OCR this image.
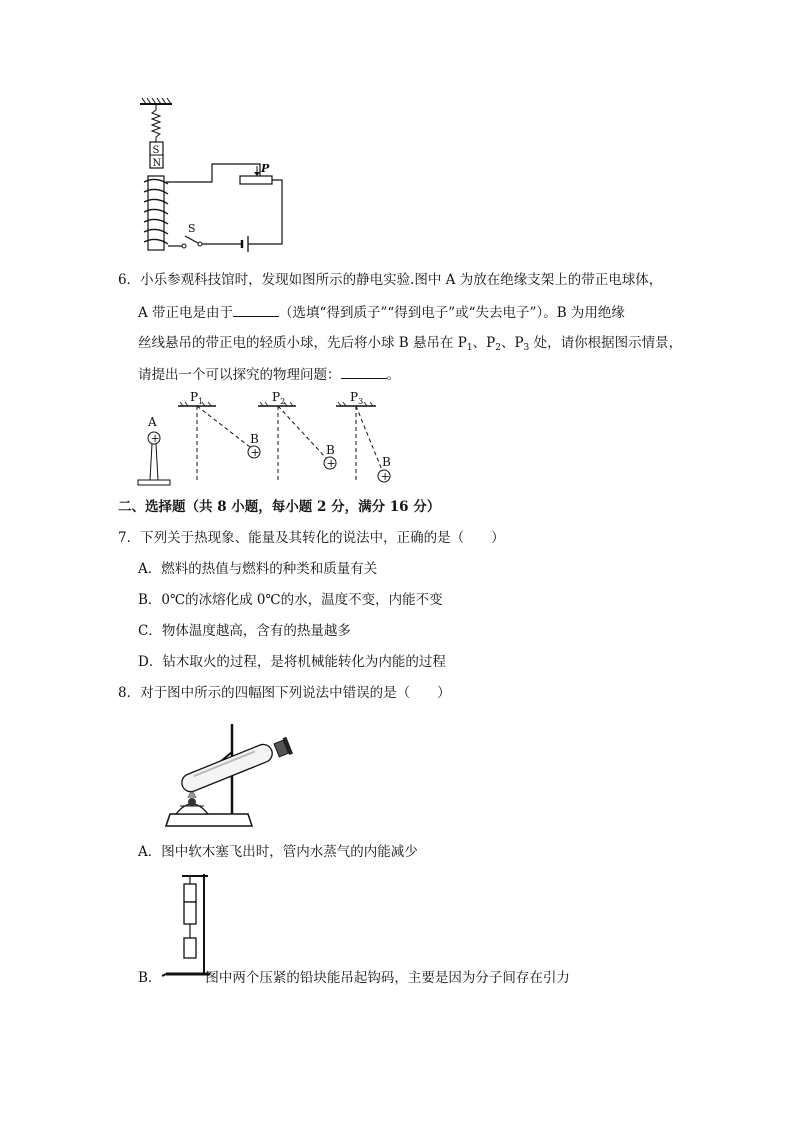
S
N	P
S
6．小乐参观科技馆时，发现如图所示的静电实验.图中 A 为放在绝缘支架上的带正电球体，
A 带正电是由于	（选填“得到质子”“得到电子”或“失去电子”）。B 为用绝缘
丝线悬吊的带正电的轻质小球，先后将小球 B 悬吊在 $P_1$、$P_2$、$P_3$ 处，请你根据图示情景，
请提出一个可以探究的物理问题：	。
A
+
$P_1$
B
+
$P_2$
B
+
$P_3$
B
+
二、选择题（共 8 小题，每小题 2 分，满分 16 分）
7．下列关于热现象、能量及其转化的说法中，正确的是（　　）
A．燃料的热值与燃料的种类和质量有关
B．0℃的冰熔化成 0℃的水，温度不变，内能不变
C．物体温度越高，含有的热量越多
D．钻木取火的过程，是将机械能转化为内能的过程
8．对于图中所示的四幅图下列说法中错误的是（　　）
A．图中软木塞飞出时，管内水蒸气的内能减少
B．	图中两个压紧的铅块能吊起钩码，主要是因为分子间存在引力
